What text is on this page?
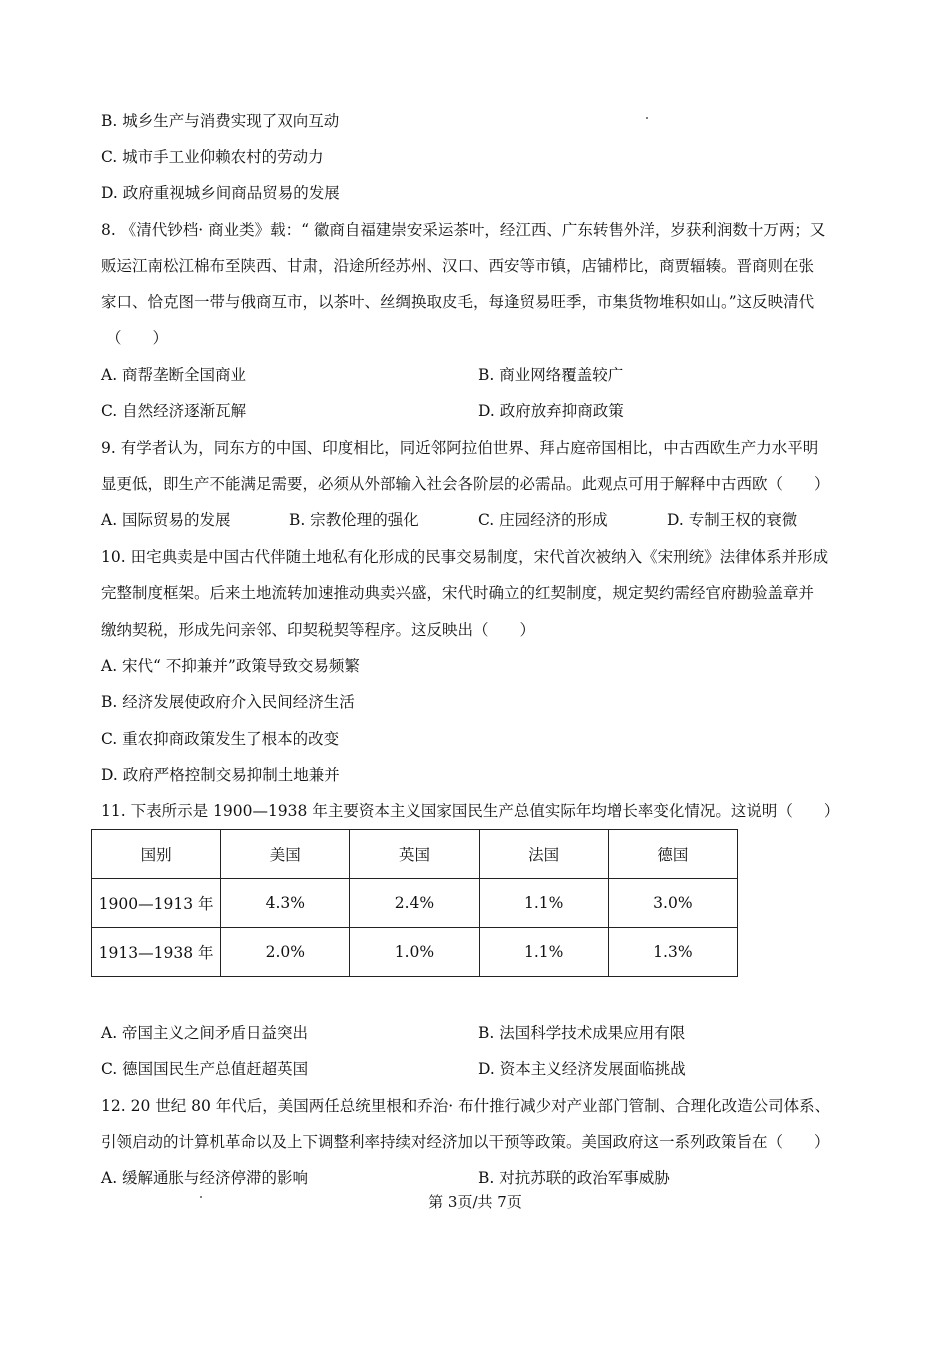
B. 城乡生产与消费实现了双向互动
C. 城市手工业仰赖农村的劳动力
D. 政府重视城乡间商品贸易的发展
8. 《清代钞档· 商业类》载：“ 徽商自福建崇安采运茶叶，经江西、广东转售外洋，岁获利润数十万两；又
贩运江南松江棉布至陕西、甘肃，沿途所经苏州、汉口、西安等市镇，店铺栉比，商贾辐辏。晋商则在张
家口、恰克图一带与俄商互市，以茶叶、丝绸换取皮毛，每逢贸易旺季，市集货物堆积如山。”这反映清代
（　　）
A. 商帮垄断全国商业	B. 商业网络覆盖较广
C. 自然经济逐渐瓦解	D. 政府放弃抑商政策
9. 有学者认为，同东方的中国、印度相比，同近邻阿拉伯世界、拜占庭帝国相比，中古西欧生产力水平明
显更低，即生产不能满足需要，必须从外部输入社会各阶层的必需品。此观点可用于解释中古西欧（　　）
A. 国际贸易的发展	B. 宗教伦理的强化	C. 庄园经济的形成	D. 专制王权的衰微
10. 田宅典卖是中国古代伴随土地私有化形成的民事交易制度，宋代首次被纳入《宋刑统》法律体系并形成
完整制度框架。后来土地流转加速推动典卖兴盛，宋代时确立的红契制度，规定契约需经官府勘验盖章并
缴纳契税，形成先问亲邻、印契税契等程序。这反映出（　　）
A. 宋代“ 不抑兼并”政策导致交易频繁
B. 经济发展使政府介入民间经济生活
C. 重农抑商政策发生了根本的改变
D. 政府严格控制交易抑制土地兼并
11. 下表所示是 1900—1938 年主要资本主义国家国民生产总值实际年均增长率变化情况。这说明（　　）
国别	美国	英国	法国	德国
1900—1913 年	4.3%	2.4%	1.1%	3.0%
1913—1938 年	2.0%	1.0%	1.1%	1.3%
A. 帝国主义之间矛盾日益突出	B. 法国科学技术成果应用有限
C. 德国国民生产总值赶超英国	D. 资本主义经济发展面临挑战
12. 20 世纪 80 年代后，美国两任总统里根和乔治· 布什推行减少对产业部门管制、合理化改造公司体系、
引领启动的计算机革命以及上下调整利率持续对经济加以干预等政策。美国政府这一系列政策旨在（　　）
A. 缓解通胀与经济停滞的影响	B. 对抗苏联的政治军事威胁
第 3页/共 7页
